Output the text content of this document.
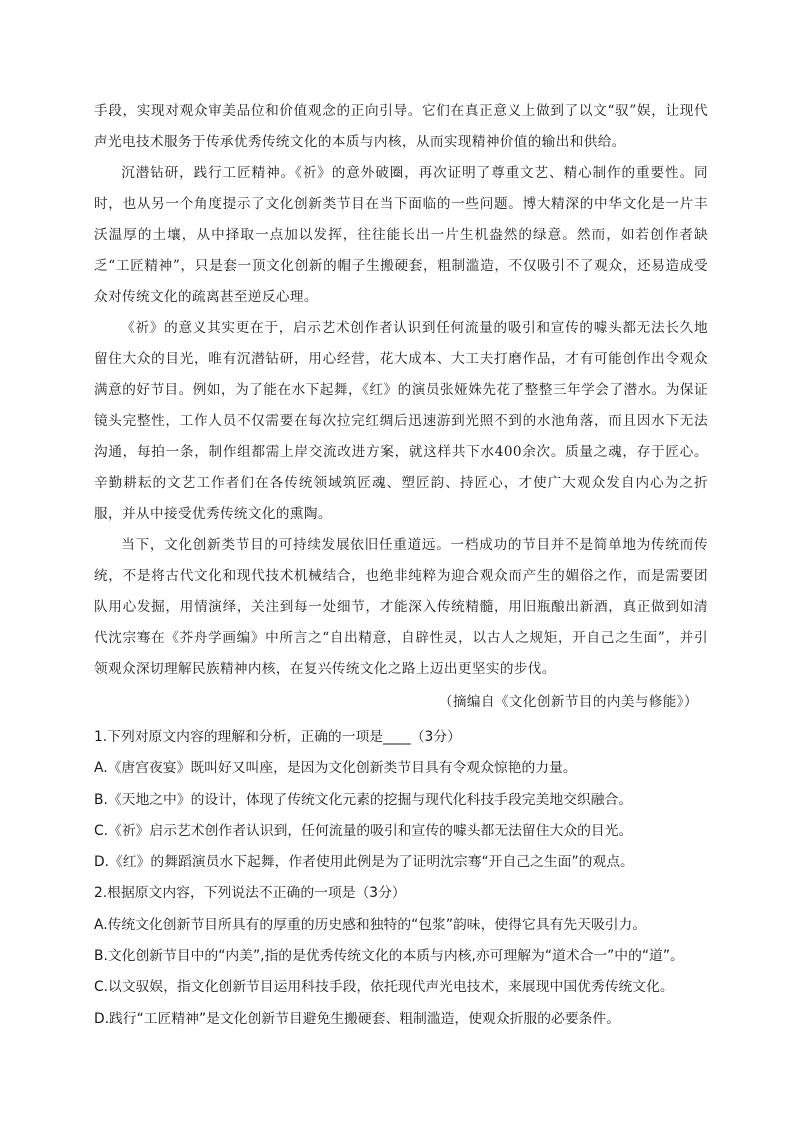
手段，实现对观众审美品位和价值观念的正向引导。它们在真正意义上做到了以文“驭”娱，让现代声光电技术服务于传承优秀传统文化的本质与内核，从而实现精神价值的输出和供给。

沉潜钻研，践行工匠精神。《祈》的意外破圈，再次证明了尊重文艺、精心制作的重要性。同时，也从另一个角度提示了文化创新类节目在当下面临的一些问题。博大精深的中华文化是一片丰沃温厚的土壤，从中择取一点加以发挥，往往能长出一片生机盎然的绿意。然而，如若创作者缺乏“工匠精神”，只是套一顶文化创新的帽子生搬硬套，粗制滥造，不仅吸引不了观众，还易造成受众对传统文化的疏离甚至逆反心理。

《祈》的意义其实更在于，启示艺术创作者认识到任何流量的吸引和宣传的噱头都无法长久地留住大众的目光，唯有沉潜钻研，用心经营，花大成本、大工夫打磨作品，才有可能创作出令观众满意的好节目。例如，为了能在水下起舞，《红》的演员张娅姝先花了整整三年学会了潜水。为保证镜头完整性，工作人员不仅需要在每次拉完红绸后迅速游到光照不到的水池角落，而且因水下无法沟通，每拍一条，制作组都需上岸交流改进方案，就这样共下水400余次。质量之魂，存于匠心。辛勤耕耘的文艺工作者们在各传统领域筑匠魂、塑匠韵、持匠心，才使广大观众发自内心为之折服，并从中接受优秀传统文化的熏陶。

当下，文化创新类节目的可持续发展依旧任重道远。一档成功的节目并不是简单地为传统而传统，不是将古代文化和现代技术机械结合，也绝非纯粹为迎合观众而产生的媚俗之作，而是需要团队用心发掘，用情演绎，关注到每一处细节，才能深入传统精髓，用旧瓶酿出新酒，真正做到如清代沈宗骞在《芥舟学画编》中所言之“自出精意，自辟性灵，以古人之规矩，开自己之生面”，并引领观众深切理解民族精神内核，在复兴传统文化之路上迈出更坚实的步伐。

（摘编自《文化创新节目的内美与修能》）
1.下列对原文内容的理解和分析，正确的一项是____（3分）
A.《唐宫夜宴》既叫好又叫座，是因为文化创新类节目具有令观众惊艳的力量。
B.《天地之中》的设计，体现了传统文化元素的挖掘与现代化科技手段完美地交织融合。
C.《祈》启示艺术创作者认识到，任何流量的吸引和宣传的噱头都无法留住大众的目光。
D.《红》的舞蹈演员水下起舞，作者使用此例是为了证明沈宗骞“开自己之生面”的观点。
2.根据原文内容，下列说法不正确的一项是（3分）
A.传统文化创新节目所具有的厚重的历史感和独特的“包浆”韵味，使得它具有先天吸引力。
B.文化创新节目中的“内美”,指的是优秀传统文化的本质与内核,亦可理解为“道术合一”中的“道”。
C.以文驭娱，指文化创新节目运用科技手段，依托现代声光电技术，来展现中国优秀传统文化。
D.践行“工匠精神”是文化创新节目避免生搬硬套、粗制滥造，使观众折服的必要条件。
